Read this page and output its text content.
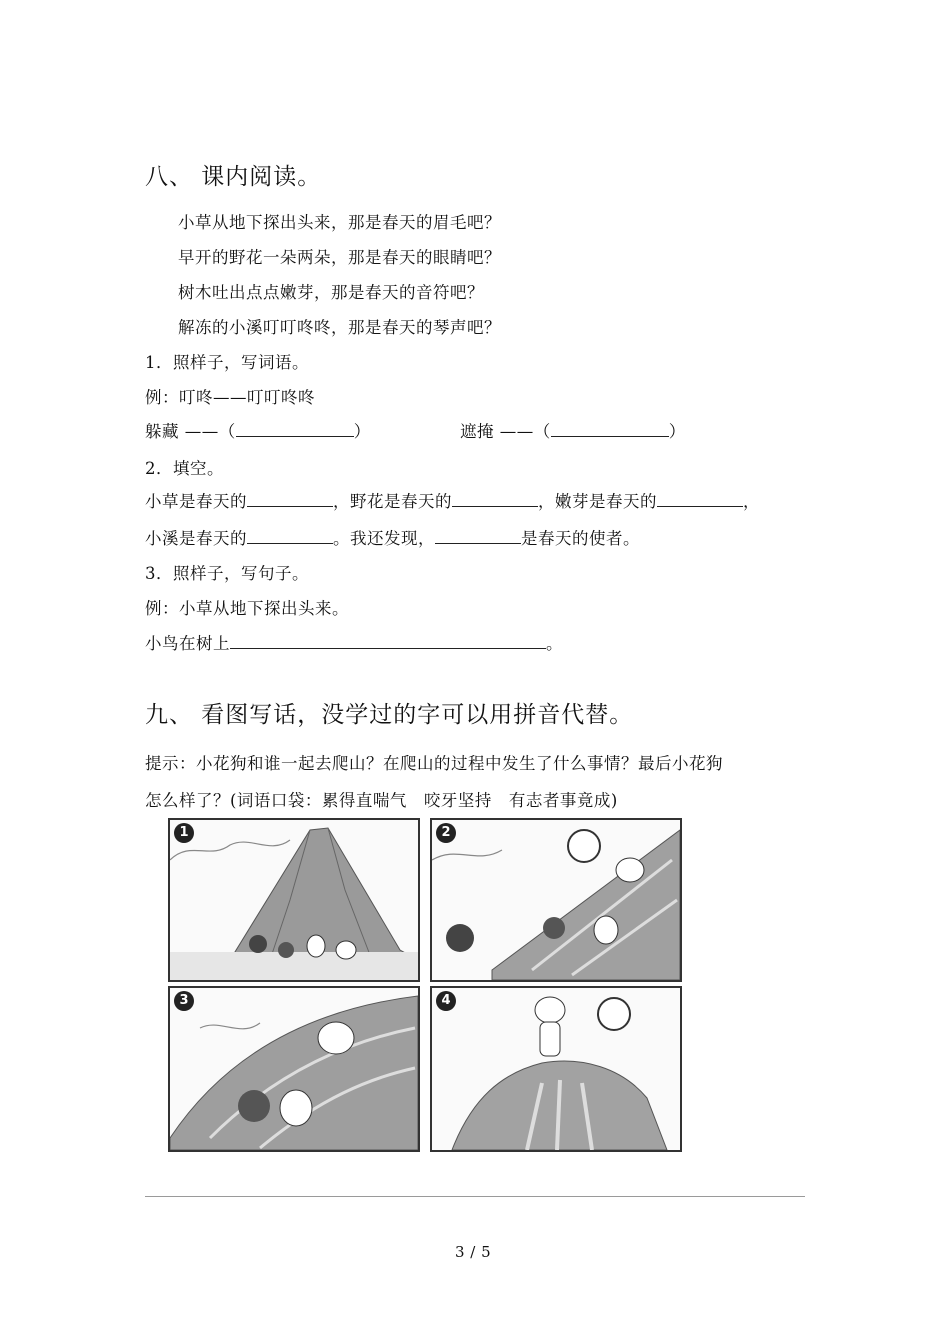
八、 课内阅读。
小草从地下探出头来，那是春天的眉毛吧？
早开的野花一朵两朵，那是春天的眼睛吧？
树木吐出点点嫩芽，那是春天的音符吧？
解冻的小溪叮叮咚咚，那是春天的琴声吧？
1．照样子，写词语。
例：叮咚——叮叮咚咚
躲藏 ——（	）	遮掩 ——（	）
2．填空。
小草是春天的	，野花是春天的	，嫩芽是春天的	，
小溪是春天的	。我还发现，	是春天的使者。
3．照样子，写句子。
例：小草从地下探出头来。
小鸟在树上	。
九、 看图写话，没学过的字可以用拼音代替。
提示：小花狗和谁一起去爬山？在爬山的过程中发生了什么事情？最后小花狗
怎么样了？(词语口袋：累得直喘气　咬牙坚持　有志者事竟成)
1	2
3	4
3 / 5
